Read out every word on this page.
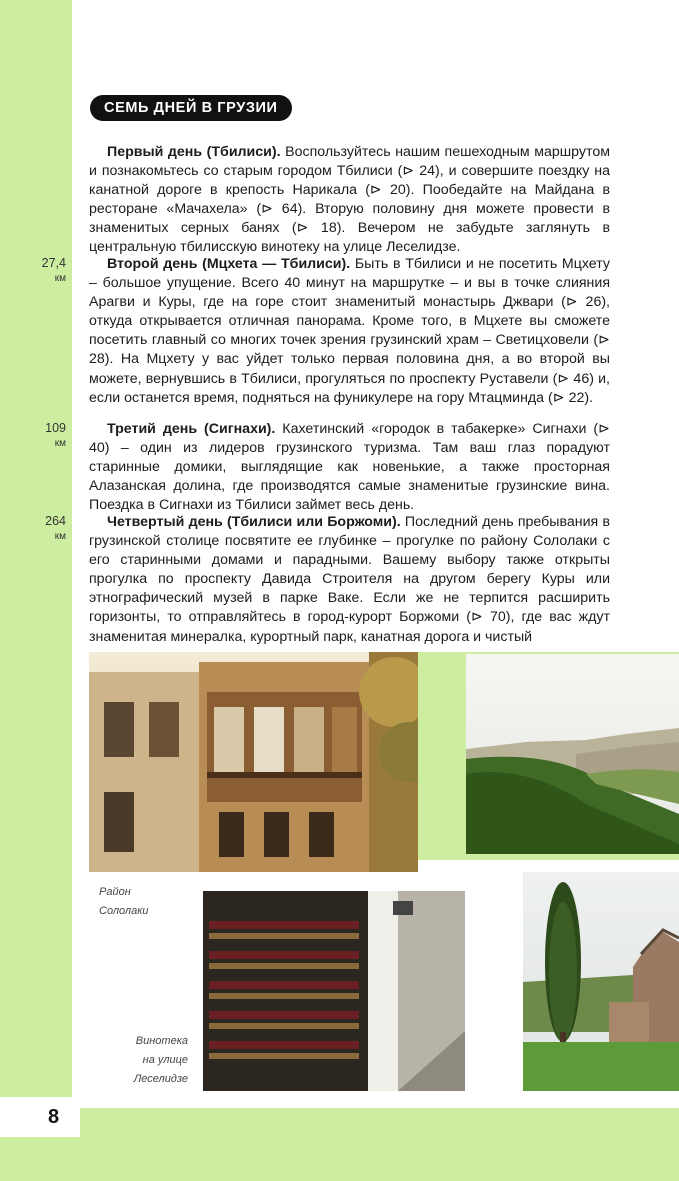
8
СЕМЬ ДНЕЙ В ГРУЗИИ

Первый день (Тбилиси). Воспользуйтесь нашим пешеходным маршрутом и познакомьтесь со старым городом Тбилиси (⊳ 24), и совершите поездку на канатной дороге в крепость Нарикала (⊳ 20). Пообедайте на Майдана в ресторане «Мачахела» (⊳ 64). Вторую половину дня можете провести в знаменитых серных банях (⊳ 18). Вечером не забудьте заглянуть в центральную тбилисскую винотеку на улице Леселидзе.

27,4
км

Второй день (Мцхета — Тбилиси). Быть в Тбилиси и не посетить Мцхету – большое упущение. Всего 40 минут на маршрутке – и вы в точке слияния Арагви и Куры, где на горе стоит знаменитый монастырь Джвари (⊳ 26), откуда открывается отличная панорама. Кроме того, в Мцхете вы сможете посетить главный со многих точек зрения грузинский храм – Светицховели (⊳ 28). На Мцхету у вас уйдет только первая половина дня, а во второй вы можете, вернувшись в Тбилиси, прогуляться по проспекту Руставели (⊳ 46) и, если останется время, подняться на фуникулере на гору Мтацминда (⊳ 22).

109
км

Третий день (Сигнахи). Кахетинский «городок в табакерке» Сигнахи (⊳ 40) – один из лидеров грузинского туризма. Там ваш глаз порадуют старинные домики, выглядящие как новенькие, а также просторная Алазанская долина, где производятся самые знаменитые грузинские вина. Поездка в Сигнахи из Тбилиси займет весь день.

264
км

Четвертый день (Тбилиси или Боржоми). Последний день пребывания в грузинской столице посвятите ее глубинке – прогулке по району Сололаки с его старинными домами и парадными. Вашему выбору также открыты прогулка по проспекту Давида Строителя на другом берегу Куры или этнографический музей в парке Ваке. Если же не терпится расширить горизонты, то отправляйтесь в город-курорт Боржоми (⊳ 70), где вас ждут знаменитая минералка, курортный парк, канатная дорога и чистый

Район
Сололаки
Винотека
на улице
Леселидзе
